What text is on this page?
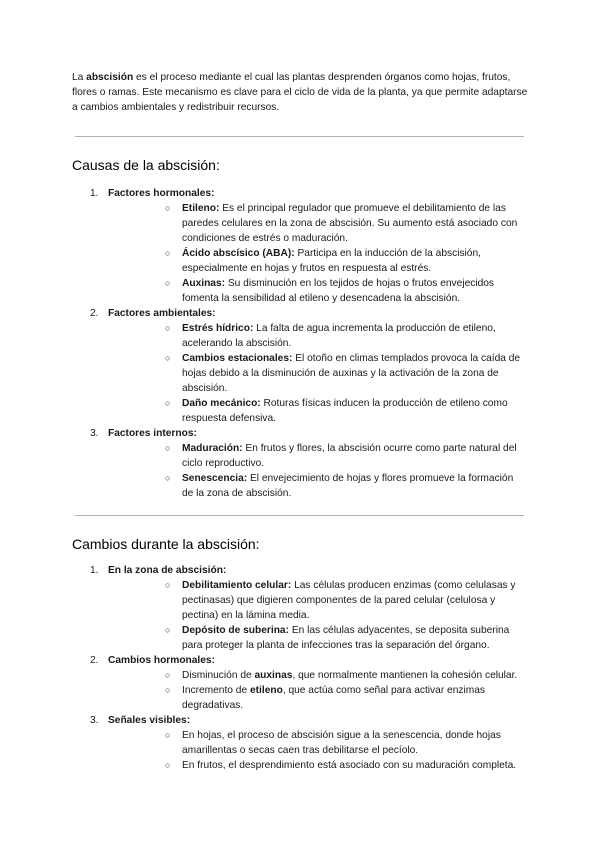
La abscisión es el proceso mediante el cual las plantas desprenden órganos como hojas, frutos, flores o ramas. Este mecanismo es clave para el ciclo de vida de la planta, ya que permite adaptarse a cambios ambientales y redistribuir recursos.

Causas de la abscisión:
1. Factores hormonales:
○ Etileno: Es el principal regulador que promueve el debilitamiento de las paredes celulares en la zona de abscisión. Su aumento está asociado con condiciones de estrés o maduración.
○ Ácido abscísico (ABA): Participa en la inducción de la abscisión, especialmente en hojas y frutos en respuesta al estrés.
○ Auxinas: Su disminución en los tejidos de hojas o frutos envejecidos fomenta la sensibilidad al etileno y desencadena la abscisión.
2. Factores ambientales:
○ Estrés hídrico: La falta de agua incrementa la producción de etileno, acelerando la abscisión.
○ Cambios estacionales: El otoño en climas templados provoca la caída de hojas debido a la disminución de auxinas y la activación de la zona de abscisión.
○ Daño mecánico: Roturas físicas inducen la producción de etileno como respuesta defensiva.
3. Factores internos:
○ Maduración: En frutos y flores, la abscisión ocurre como parte natural del ciclo reproductivo.
○ Senescencia: El envejecimiento de hojas y flores promueve la formación de la zona de abscisión.
Cambios durante la abscisión:
1. En la zona de abscisión:
○ Debilitamiento celular: Las células producen enzimas (como celulasas y pectinasas) que digieren componentes de la pared celular (celulosa y pectina) en la lámina media.
○ Depósito de suberina: En las células adyacentes, se deposita suberina para proteger la planta de infecciones tras la separación del órgano.
2. Cambios hormonales:
○ Disminución de auxinas, que normalmente mantienen la cohesión celular.
○ Incremento de etileno, que actúa como señal para activar enzimas degradativas.
3. Señales visibles:
○ En hojas, el proceso de abscisión sigue a la senescencia, donde hojas amarillentas o secas caen tras debilitarse el pecíolo.
○ En frutos, el desprendimiento está asociado con su maduración completa.
